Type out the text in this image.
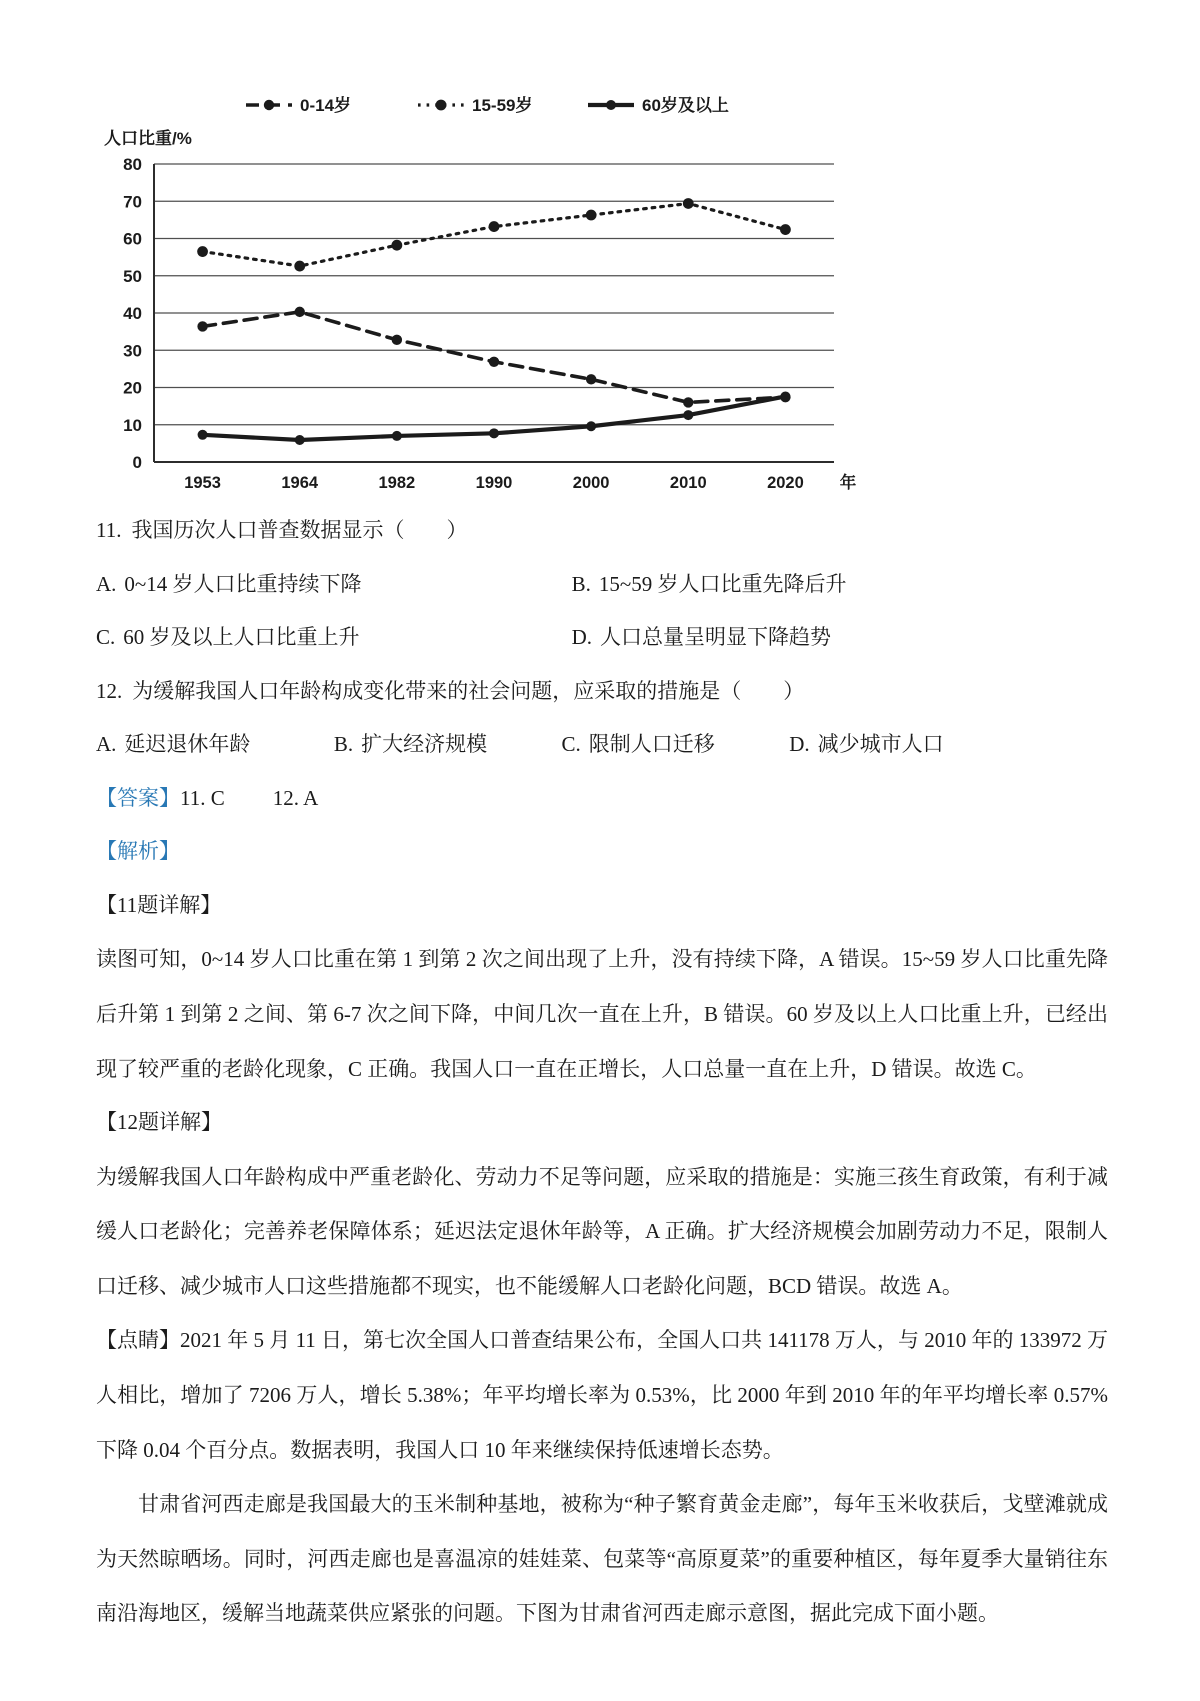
0-14岁	15-59岁	60岁及以上
人口比重/%
0
10
20
30
40
50
60
70
80
1953	1964	1982	1990	2000	2010	2020 年

11. 我国历次人口普查数据显示（　　）

A. 0~14 岁人口比重持续下降	B. 15~59 岁人口比重先降后升
C. 60 岁及以上人口比重上升	D. 人口总量呈明显下降趋势

12. 为缓解我国人口年龄构成变化带来的社会问题，应采取的措施是（　　）

A. 延迟退休年龄	B. 扩大经济规模	C. 限制人口迁移	D. 减少城市人口

【答案】11. C 12. A

【解析】

【11题详解】

读图可知，0~14 岁人口比重在第 1 到第 2 次之间出现了上升，没有持续下降，A 错误。15~59 岁人口比重先降后升第 1 到第 2 之间、第 6-7 次之间下降，中间几次一直在上升，B 错误。60 岁及以上人口比重上升，已经出现了较严重的老龄化现象，C 正确。我国人口一直在正增长，人口总量一直在上升，D 错误。故选 C。

【12题详解】

为缓解我国人口年龄构成中严重老龄化、劳动力不足等问题，应采取的措施是：实施三孩生育政策，有利于减缓人口老龄化；完善养老保障体系；延迟法定退休年龄等，A 正确。扩大经济规模会加剧劳动力不足，限制人口迁移、减少城市人口这些措施都不现实，也不能缓解人口老龄化问题，BCD 错误。故选 A。

【点睛】2021 年 5 月 11 日，第七次全国人口普查结果公布，全国人口共 141178 万人，与 2010 年的 133972 万人相比，增加了 7206 万人，增长 5.38%；年平均增长率为 0.53%，比 2000 年到 2010 年的年平均增长率 0.57%下降 0.04 个百分点。数据表明，我国人口 10 年来继续保持低速增长态势。

甘肃省河西走廊是我国最大的玉米制种基地，被称为“种子繁育黄金走廊”，每年玉米收获后，戈壁滩就成为天然晾晒场。同时，河西走廊也是喜温凉的娃娃菜、包菜等“高原夏菜”的重要种植区，每年夏季大量销往东南沿海地区，缓解当地蔬菜供应紧张的问题。下图为甘肃省河西走廊示意图，据此完成下面小题。
